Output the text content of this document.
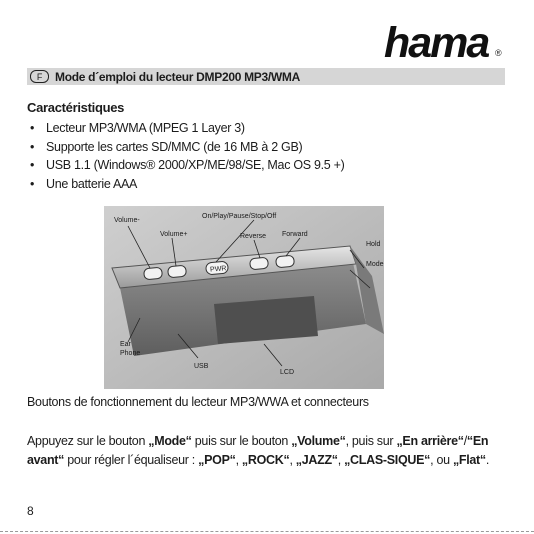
hama ®
F	Mode d´emploi du lecteur DMP200 MP3/WMA
Caractéristiques
• Lecteur MP3/WMA (MPEG 1 Layer 3)
• Supporte les cartes SD/MMC (de 16 MB à 2 GB)
• USB 1.1 (Windows® 2000/XP/ME/98/SE, Mac OS 9.5 +)
• Une batterie AAA
PWR
Volume-
Volume+
On/Play/Pause/Stop/Off
Reverse Forward
Hold
Mode
Ear
Phone
USB
LCD
Boutons de fonctionnement du lecteur MP3/WWA et connecteurs
Appuyez sur le bouton „Mode“ puis sur le bouton „Volume“, puis sur „En arrière“/“En avant“ pour régler l´équaliseur : „POP“, „ROCK“, „JAZZ“, „CLAS-SIQUE“, ou „Flat“.
8
